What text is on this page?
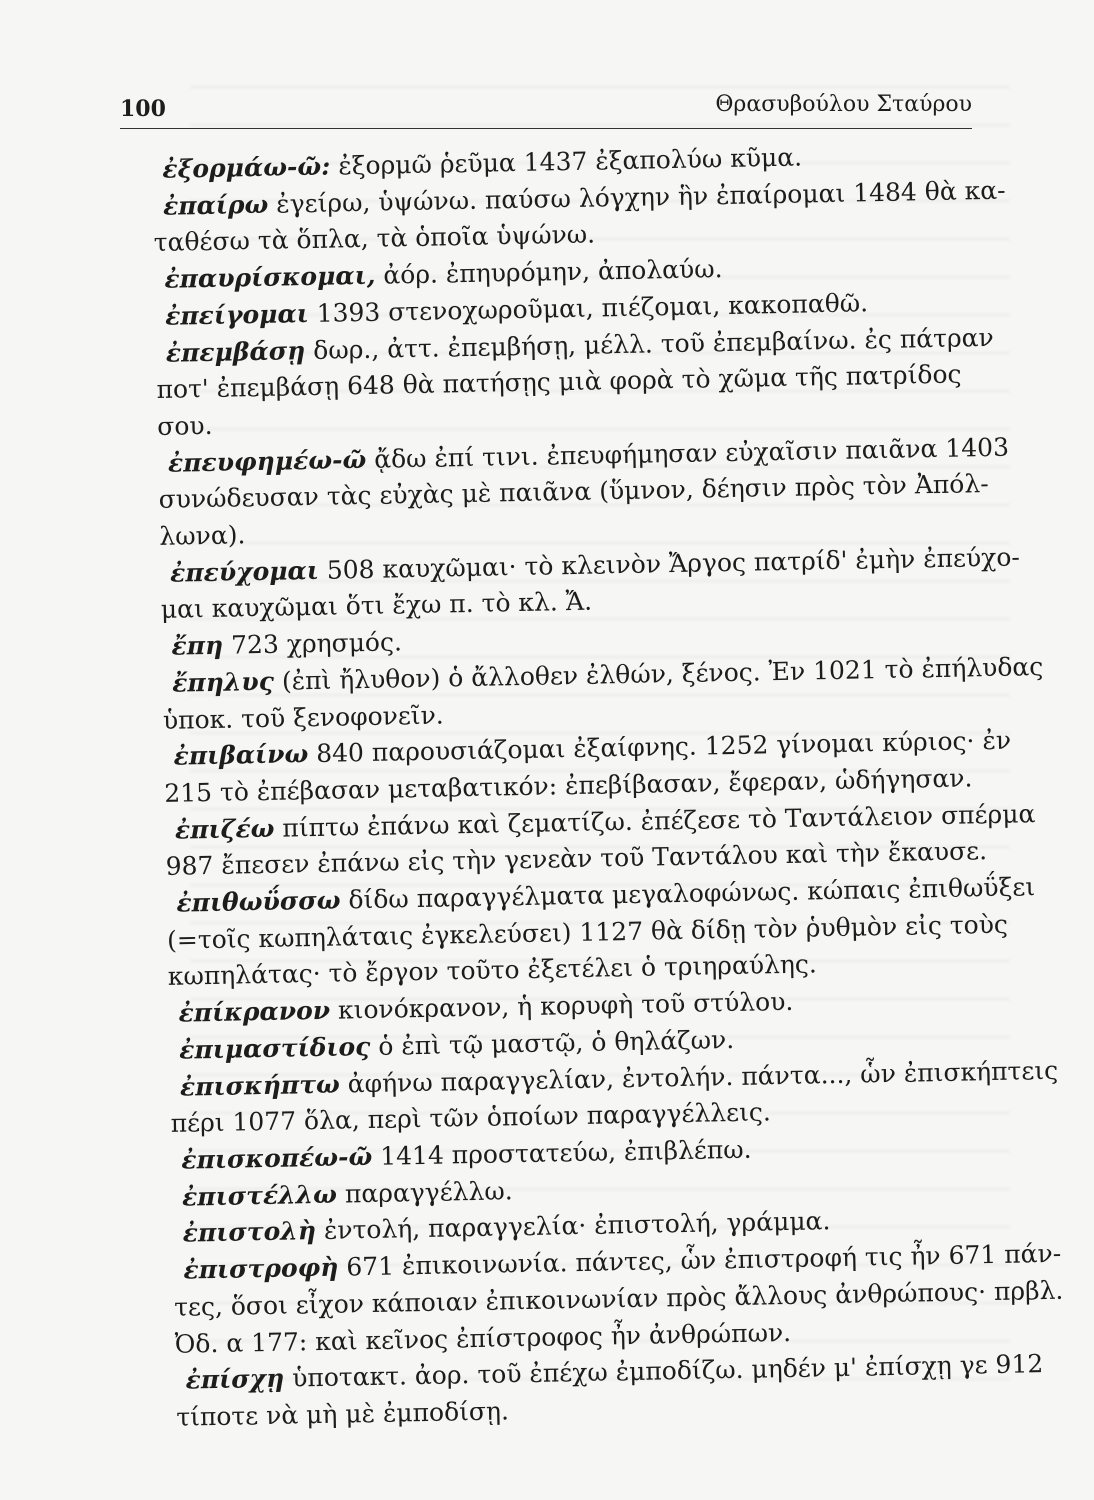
100	Θρασυβούλου Σταύρου
ἐξορμάω-ῶ: ἐξορμῶ ῥεῦμα 1437 ἐξαπολύω κῦμα.
ἐπαίρω ἐγείρω, ὑψώνω. παύσω λόγχην ἣν ἐπαίρομαι 1484 θὰ κα-
ταθέσω τὰ ὅπλα, τὰ ὁποῖα ὑψώνω.
ἐπαυρίσκομαι, ἀόρ. ἐπηυρόμην, ἀπολαύω.
ἐπείγομαι 1393 στενοχωροῦμαι, πιέζομαι, κακοπαθῶ.
ἐπεμβάσῃ δωρ., ἀττ. ἐπεμβήσῃ, μέλλ. τοῦ ἐπεμβαίνω. ἐς πάτραν
ποτ' ἐπεμβάσῃ 648 θὰ πατήσῃς μιὰ φορὰ τὸ χῶμα τῆς πατρίδος
σου.
ἐπευφημέω-ῶ ᾄδω ἐπί τινι. ἐπευφήμησαν εὐχαῖσιν παιᾶνα 1403
συνώδευσαν τὰς εὐχὰς μὲ παιᾶνα (ὕμνον, δέησιν πρὸς τὸν Ἀπόλ-
λωνα).
ἐπεύχομαι 508 καυχῶμαι· τὸ κλεινὸν Ἄργος πατρίδ' ἐμὴν ἐπεύχο-
μαι καυχῶμαι ὅτι ἔχω π. τὸ κλ. Ἄ.
ἔπη 723 χρησμός.
ἔπηλυς (ἐπὶ ἤλυθον) ὁ ἄλλοθεν ἐλθών, ξένος. Ἐν 1021 τὸ ἐπήλυδας
ὑποκ. τοῦ ξενοφονεῖν.
ἐπιβαίνω 840 παρουσιάζομαι ἐξαίφνης. 1252 γίνομαι κύριος· ἐν
215 τὸ ἐπέβασαν μεταβατικόν: ἐπεβίβασαν, ἔφεραν, ὡδήγησαν.
ἐπιζέω πίπτω ἐπάνω καὶ ζεματίζω. ἐπέζεσε τὸ Ταντάλειον σπέρμα
987 ἔπεσεν ἐπάνω εἰς τὴν γενεὰν τοῦ Ταντάλου καὶ τὴν ἔκαυσε.
ἐπιθωΰσσω δίδω παραγγέλματα μεγαλοφώνως. κώπαις ἐπιθωΰξει
(=τοῖς κωπηλάταις ἐγκελεύσει) 1127 θὰ δίδῃ τὸν ῥυθμὸν εἰς τοὺς
κωπηλάτας· τὸ ἔργον τοῦτο ἐξετέλει ὁ τριηραύλης.
ἐπίκρανον κιονόκρανον, ἡ κορυφὴ τοῦ στύλου.
ἐπιμαστίδιος ὁ ἐπὶ τῷ μαστῷ, ὁ θηλάζων.
ἐπισκήπτω ἀφήνω παραγγελίαν, ἐντολήν. πάντα..., ὧν ἐπισκήπτεις
πέρι 1077 ὅλα, περὶ τῶν ὁποίων παραγγέλλεις.
ἐπισκοπέω-ῶ 1414 προστατεύω, ἐπιβλέπω.
ἐπιστέλλω παραγγέλλω.
ἐπιστολὴ ἐντολή, παραγγελία· ἐπιστολή, γράμμα.
ἐπιστροφὴ 671 ἐπικοινωνία. πάντες, ὧν ἐπιστροφή τις ἦν 671 πάν-
τες, ὅσοι εἶχον κάποιαν ἐπικοινωνίαν πρὸς ἄλλους ἀνθρώπους· πρβλ.
Ὀδ. α 177: καὶ κεῖνος ἐπίστροφος ἦν ἀνθρώπων.
ἐπίσχῃ ὑποτακτ. ἀορ. τοῦ ἐπέχω ἐμποδίζω. μηδέν μ' ἐπίσχῃ γε 912
τίποτε νὰ μὴ μὲ ἐμποδίσῃ.
